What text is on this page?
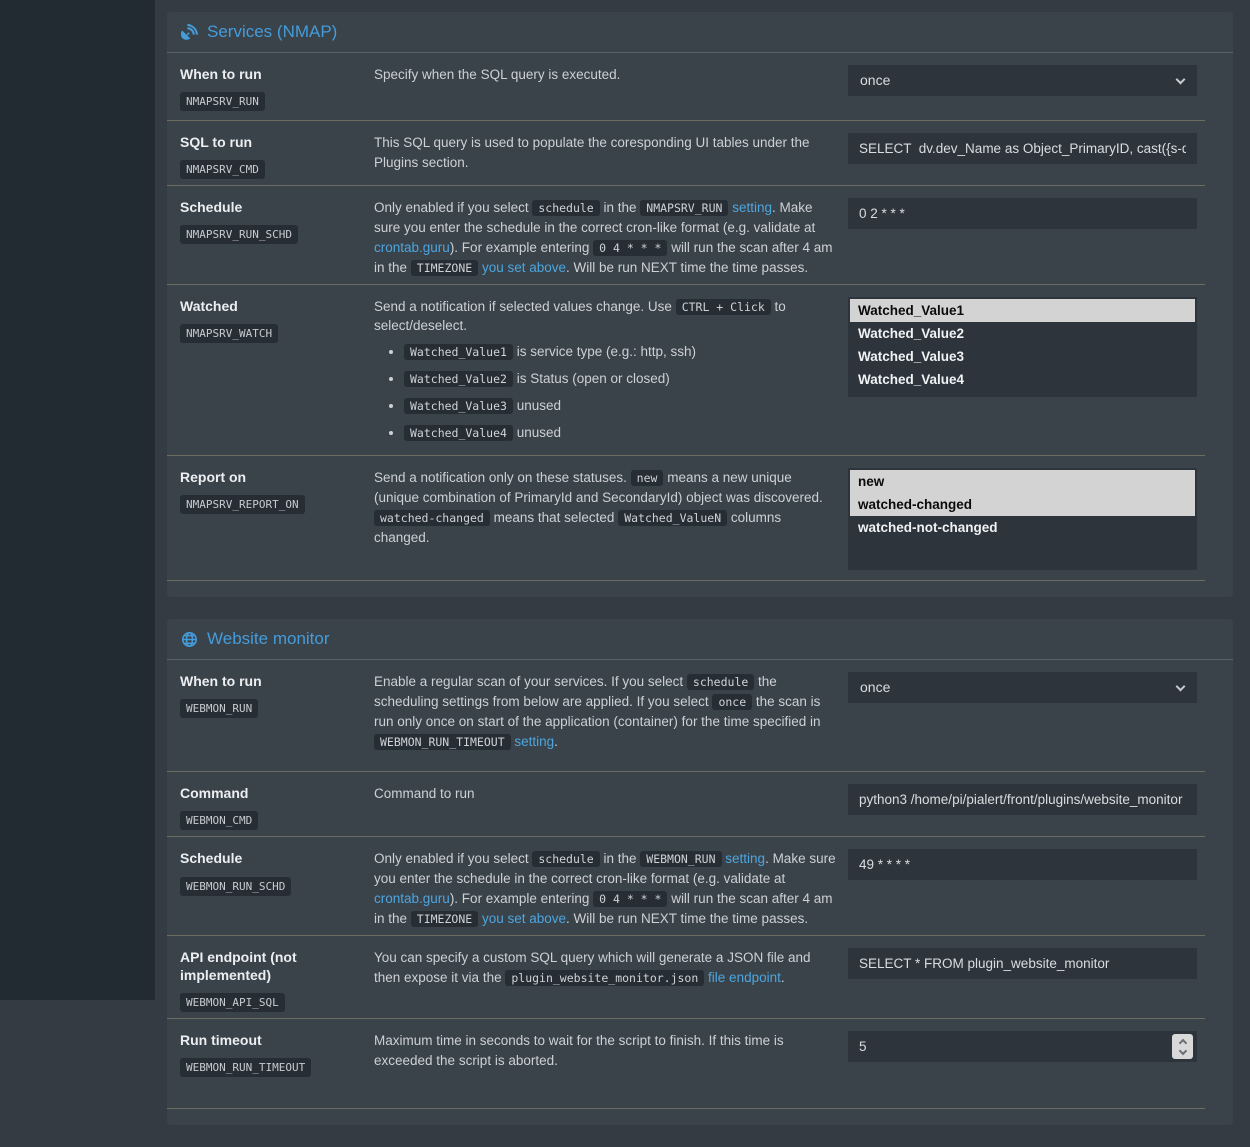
Services (NMAP)
When to run
NMAPSRV_RUN

Specify when the SQL query is executed.	once
SQL to run
NMAPSRV_CMD

This SQL query is used to populate the coresponding UI tables under the Plugins section.

SELECT dv.dev_Name as Object_PrimaryID, cast({s-quote}
Schedule
NMAPSRV_RUN_SCHD

Only enabled if you select schedule in the NMAPSRV_RUN setting. Make sure you enter the schedule in the correct cron-like format (e.g. validate at crontab.guru). For example entering 0 4 * * * will run the scan after 4 am in the TIMEZONE you set above. Will be run NEXT time the time passes.

0 2 * * *
Watched
NMAPSRV_WATCH

Send a notification if selected values change. Use CTRL + Click to select/deselect.

• Watched_Value1 is service type (e.g.: http, ssh)
• Watched_Value2 is Status (open or closed)
• Watched_Value3 unused
• Watched_Value4 unused
Watched_Value1
Watched_Value2
Watched_Value3
Watched_Value4
Report on
NMAPSRV_REPORT_ON

Send a notification only on these statuses. new means a new unique (unique combination of PrimaryId and SecondaryId) object was discovered. watched-changed means that selected Watched_ValueN columns changed.

new
watched-changed
watched-not-changed
Website monitor
When to run
WEBMON_RUN

Enable a regular scan of your services. If you select schedule the scheduling settings from below are applied. If you select once the scan is run only once on start of the application (container) for the time specified in WEBMON_RUN_TIMEOUT setting.

once
Command
WEBMON_CMD

Command to run

python3 /home/pi/pialert/front/plugins/website_monitor
Schedule
WEBMON_RUN_SCHD

Only enabled if you select schedule in the WEBMON_RUN setting. Make sure you enter the schedule in the correct cron-like format (e.g. validate at crontab.guru). For example entering 0 4 * * * will run the scan after 4 am in the TIMEZONE you set above. Will be run NEXT time the time passes.

49 * * * *
API endpoint (not implemented)
WEBMON_API_SQL

You can specify a custom SQL query which will generate a JSON file and then expose it via the plugin_website_monitor.json file endpoint.

SELECT * FROM plugin_website_monitor
Run timeout
WEBMON_RUN_TIMEOUT

Maximum time in seconds to wait for the script to finish. If this time is exceeded the script is aborted.

5
